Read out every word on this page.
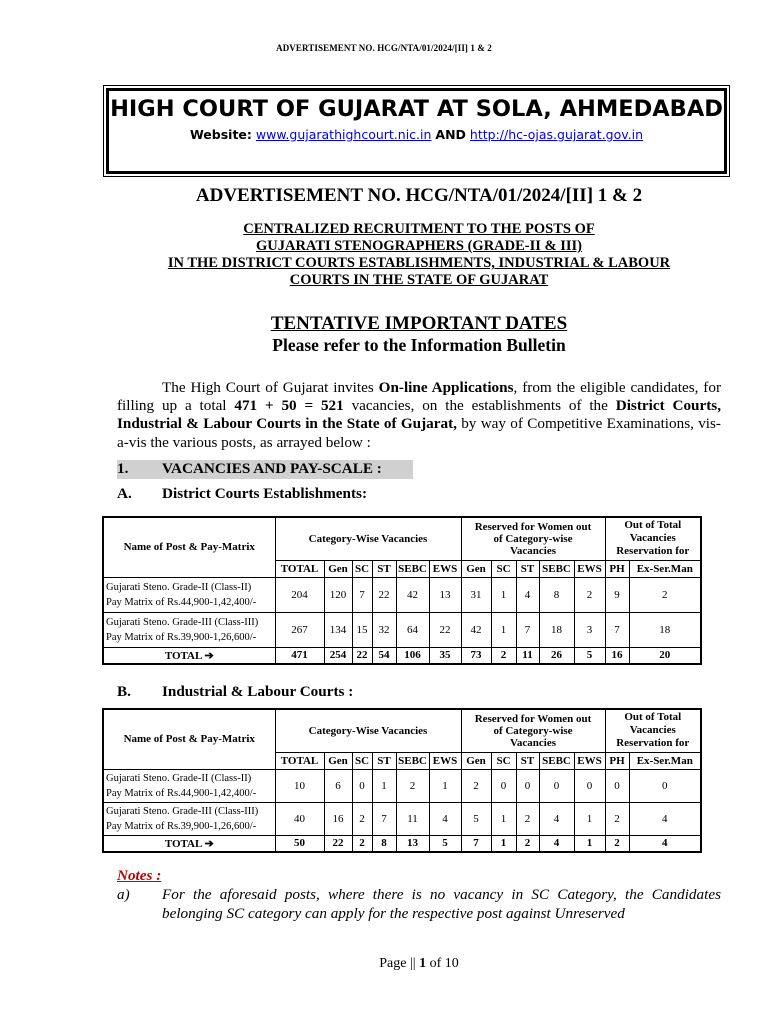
ADVERTISEMENT NO. HCG/NTA/01/2024/[II] 1 & 2
HIGH COURT OF GUJARAT AT SOLA, AHMEDABAD
Website: www.gujarathighcourt.nic.in AND http://hc-ojas.gujarat.gov.in
ADVERTISEMENT NO. HCG/NTA/01/2024/[II] 1 & 2
CENTRALIZED RECRUITMENT TO THE POSTS OF
GUJARATI STENOGRAPHERS (GRADE-II & III)
IN THE DISTRICT COURTS ESTABLISHMENTS, INDUSTRIAL & LABOUR
COURTS IN THE STATE OF GUJARAT
TENTATIVE IMPORTANT DATES
Please refer to the Information Bulletin
The High Court of Gujarat invites On-line Applications, from the eligible candidates, for filling up a total 471 + 50 = 521 vacancies, on the establishments of the District Courts, Industrial & Labour Courts in the State of Gujarat, by way of Competitive Examinations, vis-a-vis the various posts, as arrayed below :
1. VACANCIES AND PAY-SCALE :
A. District Courts Establishments:
Name of Post & Pay-Matrix	Category-Wise Vacancies						Reserved for Women out of Category-wise Vacancies					Out of Total Vacancies Reservation for	
	TOTAL	Gen	SC	ST	SEBC	EWS	Gen	SC	ST	SEBC	EWS	PH	Ex-Ser.Man

Gujarati Steno. Grade-II (Class-II)
Pay Matrix of Rs.44,900-1,42,400/-	204	120	7	22	42	13	31	1	4	8	2	9	2

Gujarati Steno. Grade-III (Class-III)
Pay Matrix of Rs.39,900-1,26,600/-	267	134	15	32	64	22	42	1	7	18	3	7	18
TOTAL ➔	471	254	22	54	106	35	73	2	11	26	5	16	20
B. Industrial & Labour Courts :
Name of Post & Pay-Matrix	Category-Wise Vacancies						Reserved for Women out of Category-wise Vacancies					Out of Total Vacancies Reservation for	
	TOTAL	Gen	SC	ST	SEBC	EWS	Gen	SC	ST	SEBC	EWS	PH	Ex-Ser.Man

Gujarati Steno. Grade-II (Class-II)
Pay Matrix of Rs.44,900-1,42,400/-	10	6	0	1	2	1	2	0	0	0	0	0	0

Gujarati Steno. Grade-III (Class-III)
Pay Matrix of Rs.39,900-1,26,600/-	40	16	2	7	11	4	5	1	2	4	1	2	4
TOTAL ➔	50	22	2	8	13	5	7	1	2	4	1	2	4
Notes :
a) For the aforesaid posts, where there is no vacancy in SC Category, the Candidates belonging SC category can apply for the respective post against Unreserved
Page || 1 of 10
